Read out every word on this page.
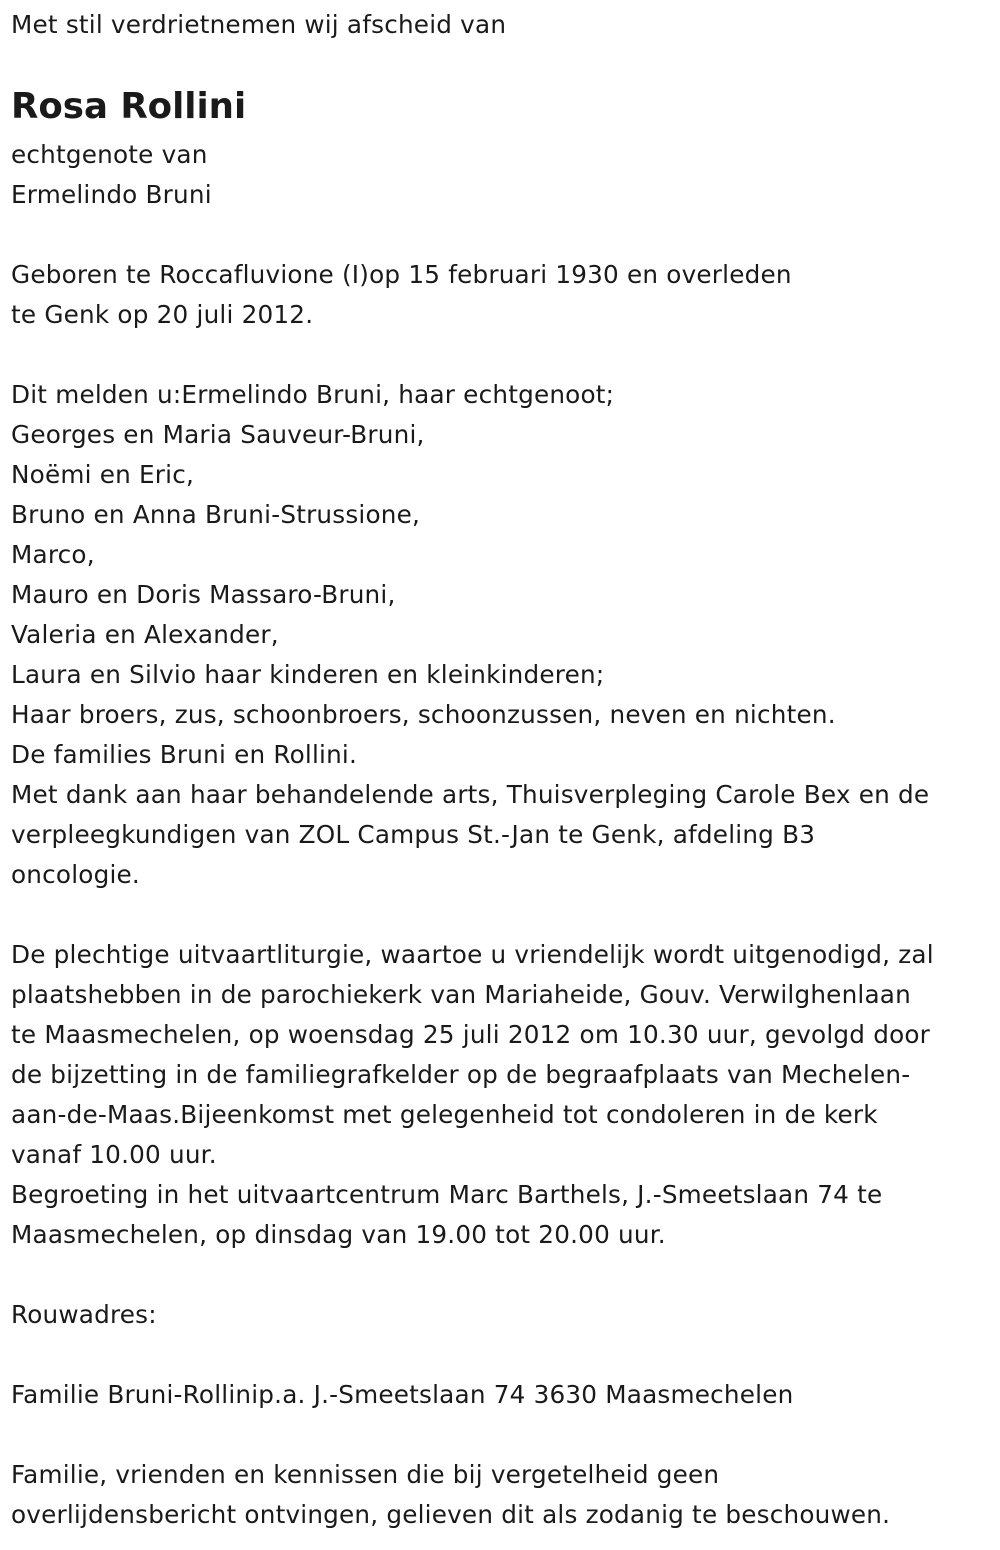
Met stil verdrietnemen wij afscheid van
Rosa Rollini
echtgenote van
Ermelindo Bruni
Geboren te Roccafluvione (I)op 15 februari 1930 en overleden
te Genk op 20 juli 2012.
Dit melden u:Ermelindo Bruni, haar echtgenoot;
Georges en Maria Sauveur-Bruni,
Noëmi en Eric,
Bruno en Anna Bruni-Strussione,
Marco,
Mauro en Doris Massaro-Bruni,
Valeria en Alexander,
Laura en Silvio haar kinderen en kleinkinderen;
Haar broers, zus, schoonbroers, schoonzussen, neven en nichten.
De families Bruni en Rollini.
Met dank aan haar behandelende arts, Thuisverpleging Carole Bex en de
verpleegkundigen van ZOL Campus St.-Jan te Genk, afdeling B3
oncologie.
De plechtige uitvaartliturgie, waartoe u vriendelijk wordt uitgenodigd, zal
plaatshebben in de parochiekerk van Mariaheide, Gouv. Verwilghenlaan
te Maasmechelen, op woensdag 25 juli 2012 om 10.30 uur, gevolgd door
de bijzetting in de familiegrafkelder op de begraafplaats van Mechelen-
aan-de-Maas.Bijeenkomst met gelegenheid tot condoleren in de kerk
vanaf 10.00 uur.
Begroeting in het uitvaartcentrum Marc Barthels, J.-Smeetslaan 74 te
Maasmechelen, op dinsdag van 19.00 tot 20.00 uur.
Rouwadres:
Familie Bruni-Rollinip.a. J.-Smeetslaan 74 3630 Maasmechelen
Familie, vrienden en kennissen die bij vergetelheid geen
overlijdensbericht ontvingen, gelieven dit als zodanig te beschouwen.
